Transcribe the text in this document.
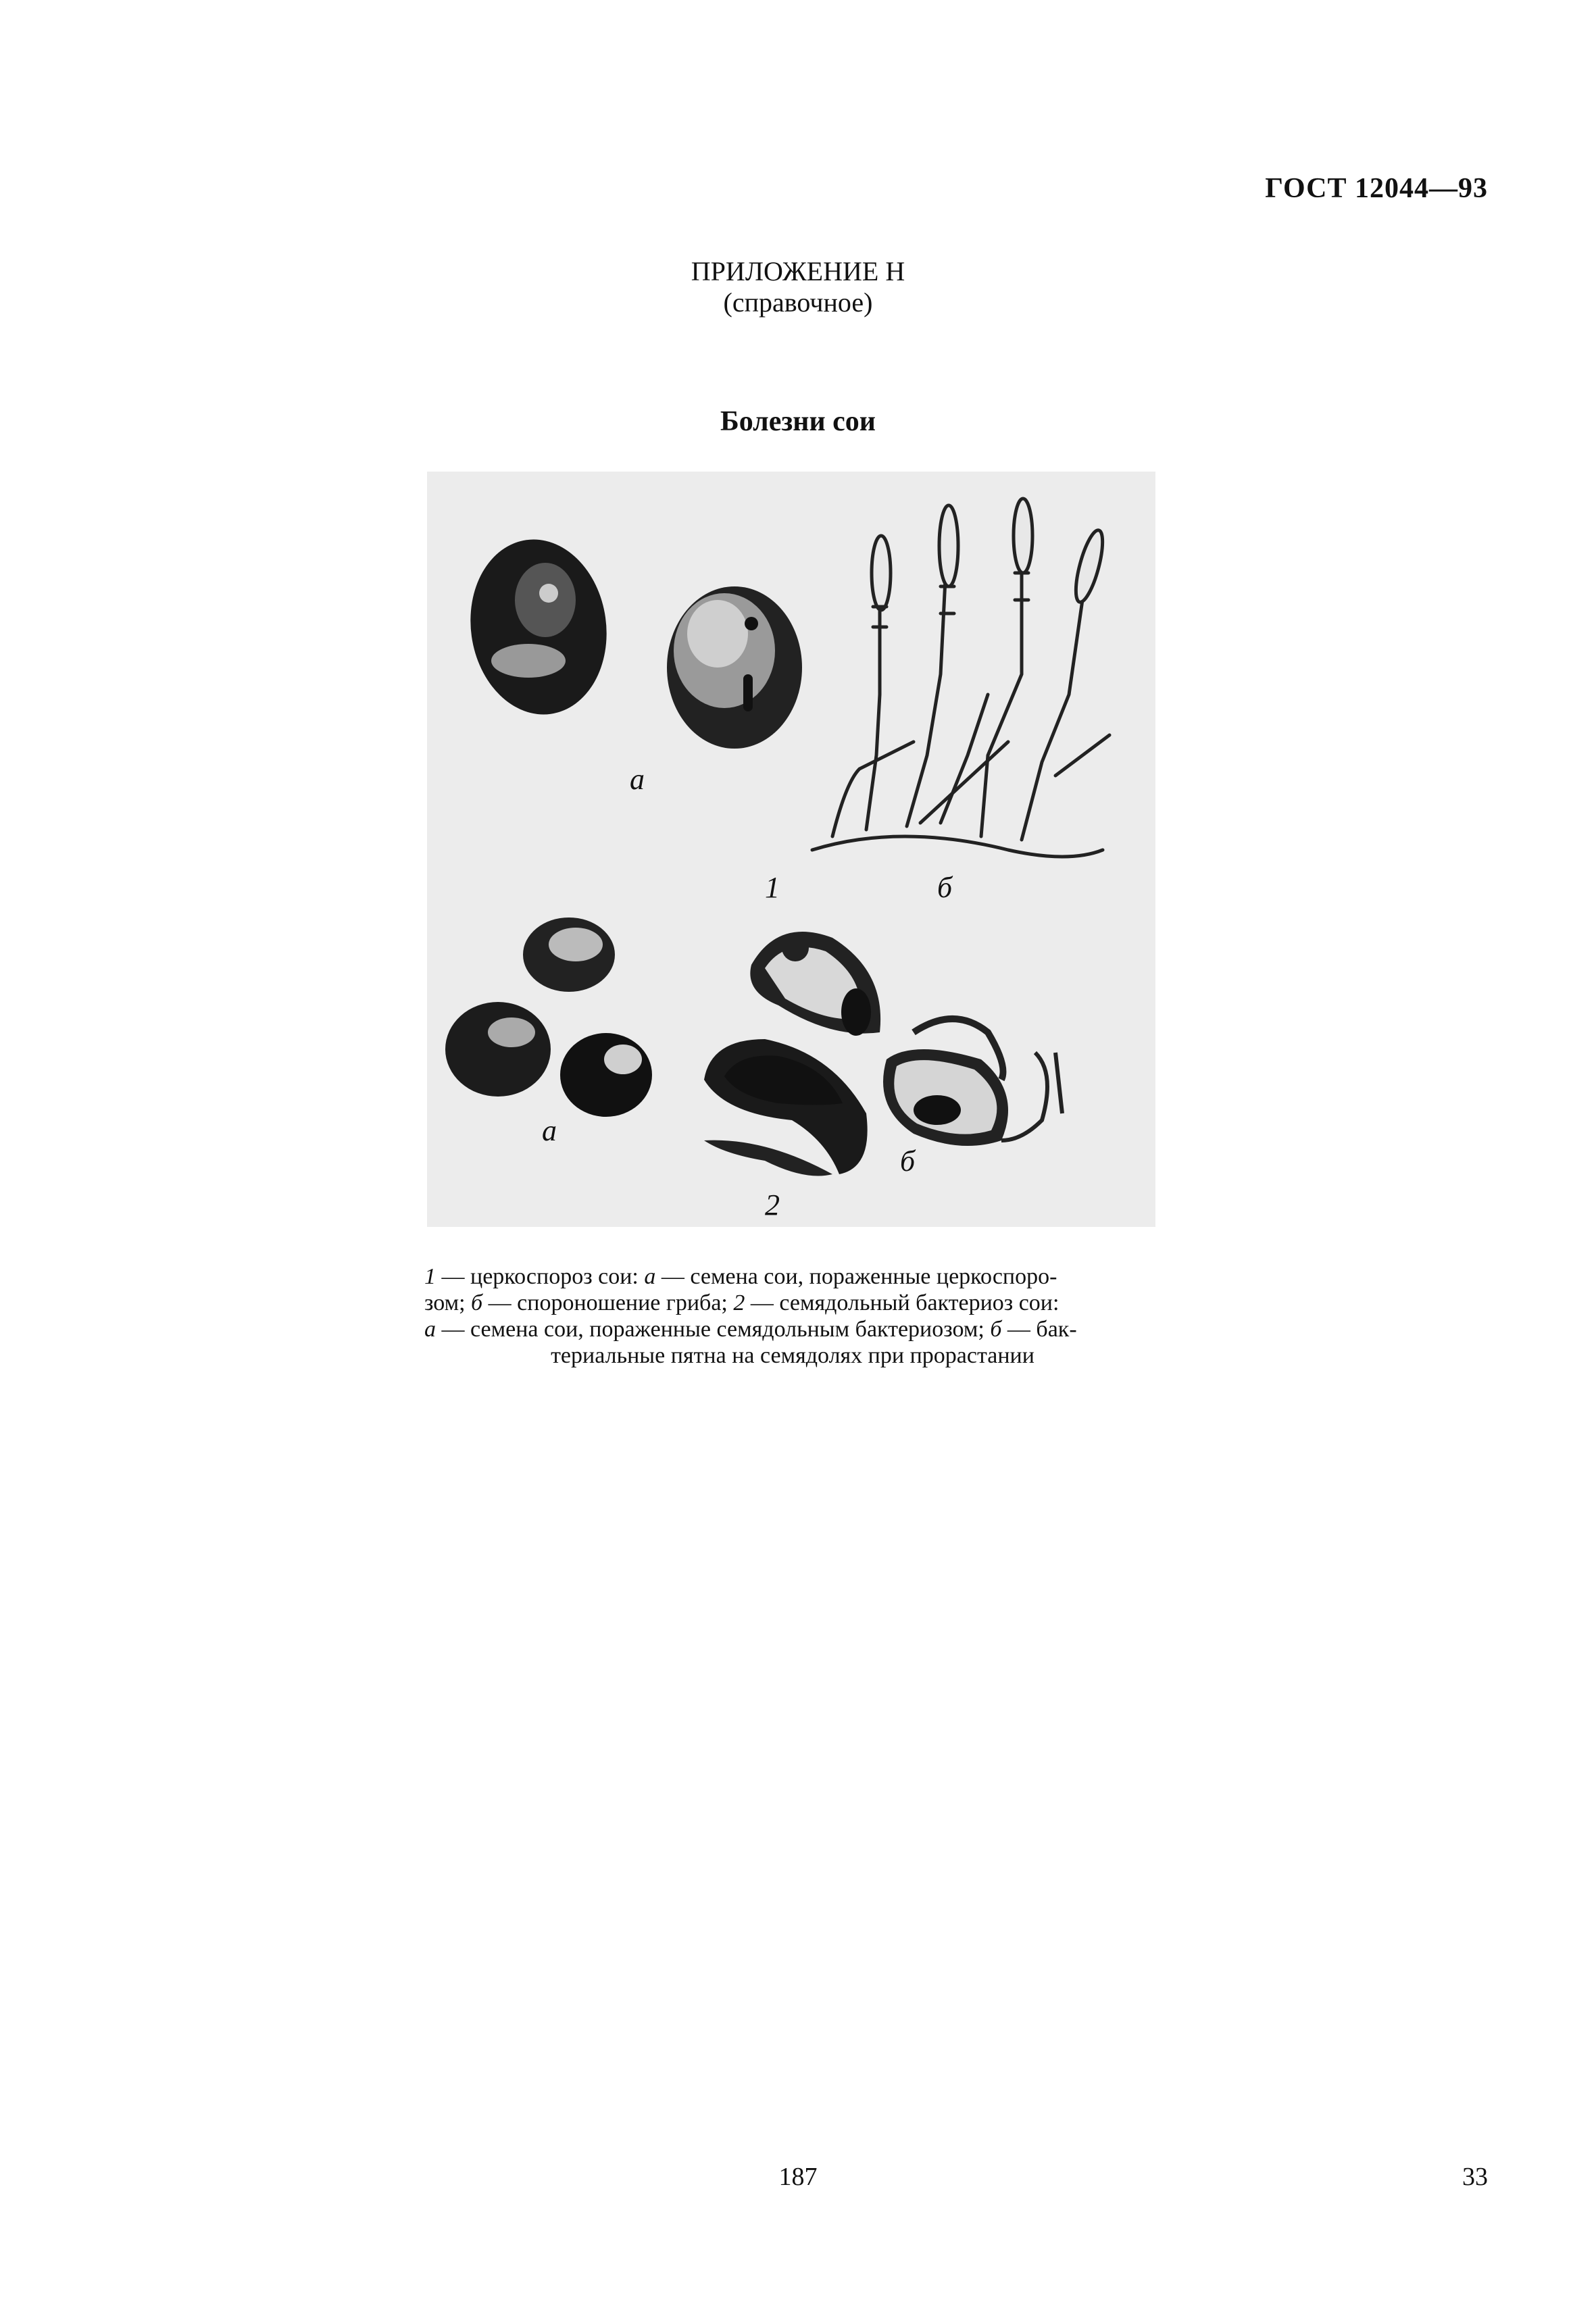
ГОСТ 12044—93
ПРИЛОЖЕНИЕ Н
(справочное)
Болезни сои
а
1	б
а
б
2
1 — церкоспороз сои: а — семена сои, пораженные церкоспоро-
зом; б — спороношение гриба; 2 — семядольный бактериоз сои:
а — семена сои, пораженные семядольным бактериозом; б — бак-
териальные пятна на семядолях при прорастании
187	33
